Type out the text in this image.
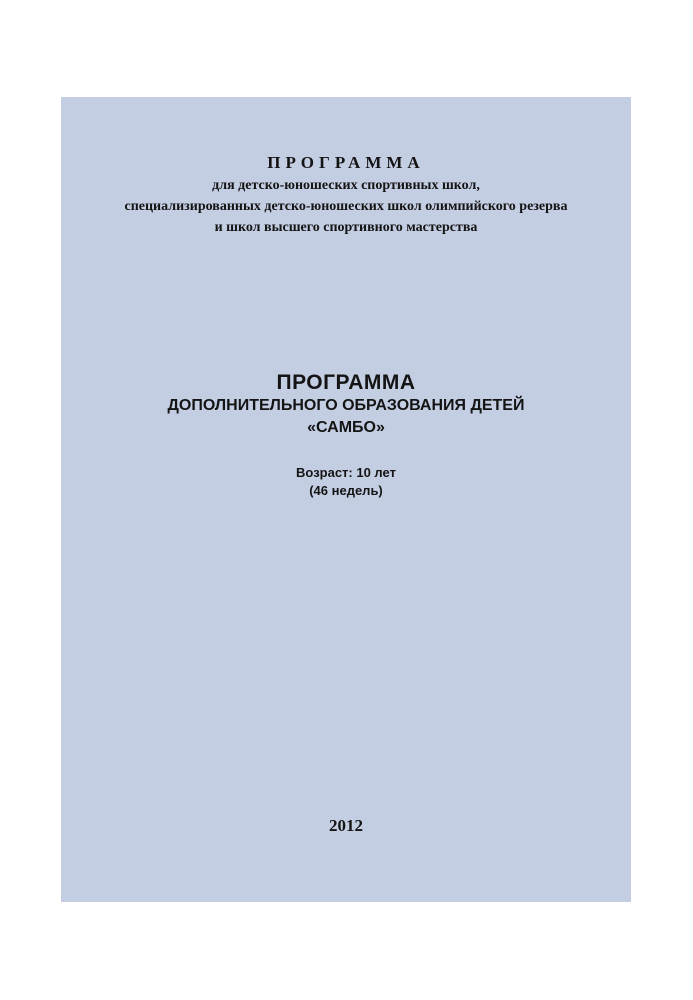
ПРОГРАММА
для детско-юношеских спортивных школ,
специализированных детско-юношеских школ олимпийского резерва
и школ высшего спортивного мастерства
ПРОГРАММА
ДОПОЛНИТЕЛЬНОГО ОБРАЗОВАНИЯ ДЕТЕЙ
«САМБО»
Возраст: 10 лет
(46 недель)
2012
